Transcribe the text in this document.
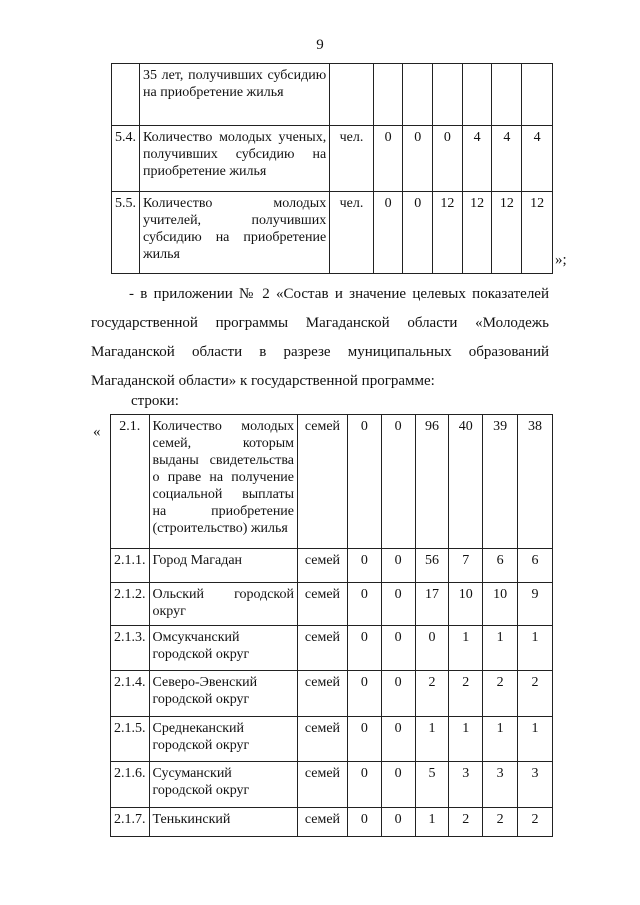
9
	35 лет, получивших субсидию на приобретение жилья							
5.4.	Количество молодых ученых, получивших субсидию на приобретение жилья	чел.	0	0	0	4	4	4
5.5.	Количество молодых учителей, получивших субсидию на приобретение жилья	чел.	0	0	12	12	12	12
»;
- в приложении № 2 «Состав и значение целевых показателей
государственной программы Магаданской области «Молодежь
Магаданской области в разрезе муниципальных образований
Магаданской области» к государственной программе:
строки:
« 2.1.	Количество молодых семей, которым выданы свидетельства о праве на получение социальной выплаты на приобретение (строительство) жилья	семей	0	0	96	40	39	38
2.1.1.	Город Магадан	семей	0	0	56	7	6	6
2.1.2.	Ольский городской округ	семей	0	0	17	10	10	9
2.1.3.	Омсукчанский городской округ	семей	0	0	0	1	1	1
2.1.4.	Северо-Эвенский городской округ	семей	0	0	2	2	2	2
2.1.5.	Среднеканский городской округ	семей	0	0	1	1	1	1
2.1.6.	Сусуманский городской округ	семей	0	0	5	3	3	3
2.1.7.	Тенькинский	семей	0	0	1	2	2	2
